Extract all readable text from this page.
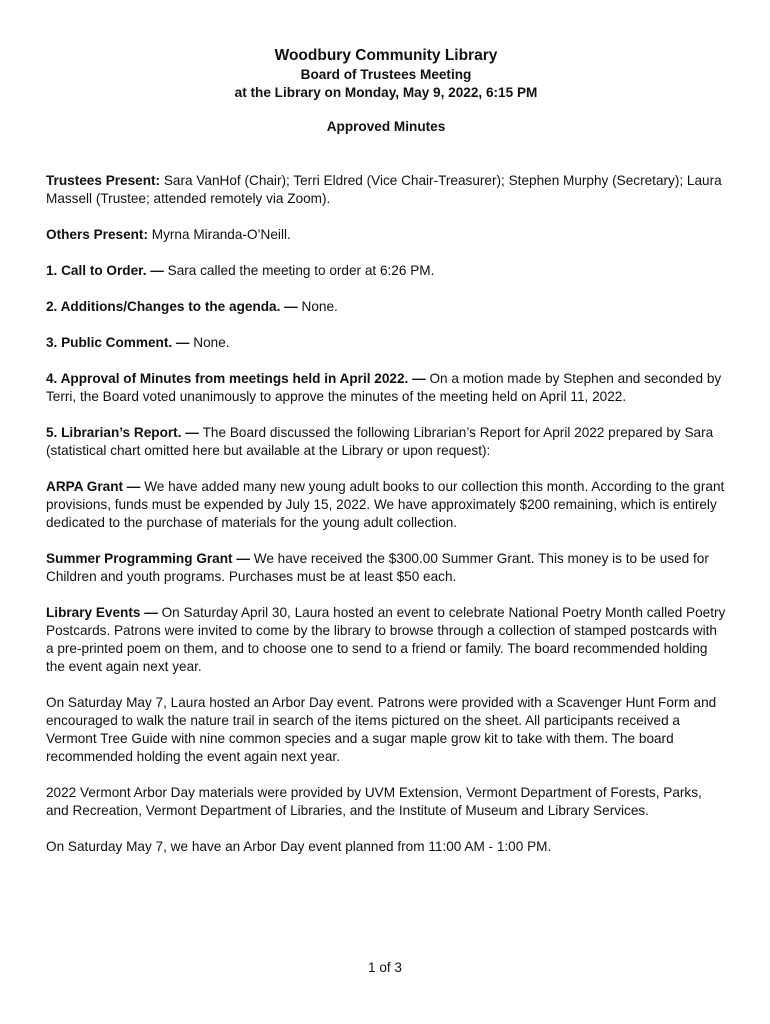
Woodbury Community Library
Board of Trustees Meeting
at the Library on Monday, May 9, 2022, 6:15 PM
Approved Minutes

Trustees Present: Sara VanHof (Chair); Terri Eldred (Vice Chair-Treasurer); Stephen Murphy (Secretary); Laura Massell (Trustee; attended remotely via Zoom).

Others Present: Myrna Miranda-O’Neill.

1. Call to Order. — Sara called the meeting to order at 6:26 PM.

2. Additions/Changes to the agenda. — None.

3. Public Comment. — None.

4. Approval of Minutes from meetings held in April 2022. — On a motion made by Stephen and seconded by Terri, the Board voted unanimously to approve the minutes of the meeting held on April 11, 2022.

5. Librarian’s Report. — The Board discussed the following Librarian’s Report for April 2022 prepared by Sara (statistical chart omitted here but available at the Library or upon request):

ARPA Grant — We have added many new young adult books to our collection this month. According to the grant provisions, funds must be expended by July 15, 2022. We have approximately $200 remaining, which is entirely dedicated to the purchase of materials for the young adult collection.

Summer Programming Grant — We have received the $300.00 Summer Grant. This money is to be used for Children and youth programs. Purchases must be at least $50 each.

Library Events — On Saturday April 30, Laura hosted an event to celebrate National Poetry Month called Poetry Postcards. Patrons were invited to come by the library to browse through a collection of stamped postcards with a pre-printed poem on them, and to choose one to send to a friend or family. The board recommended holding the event again next year.

On Saturday May 7, Laura hosted an Arbor Day event. Patrons were provided with a Scavenger Hunt Form and encouraged to walk the nature trail in search of the items pictured on the sheet. All participants received a Vermont Tree Guide with nine common species and a sugar maple grow kit to take with them. The board recommended holding the event again next year.

2022 Vermont Arbor Day materials were provided by UVM Extension, Vermont Department of Forests, Parks, and Recreation, Vermont Department of Libraries, and the Institute of Museum and Library Services.

On Saturday May 7, we have an Arbor Day event planned from 11:00 AM - 1:00 PM.

1 of 3
